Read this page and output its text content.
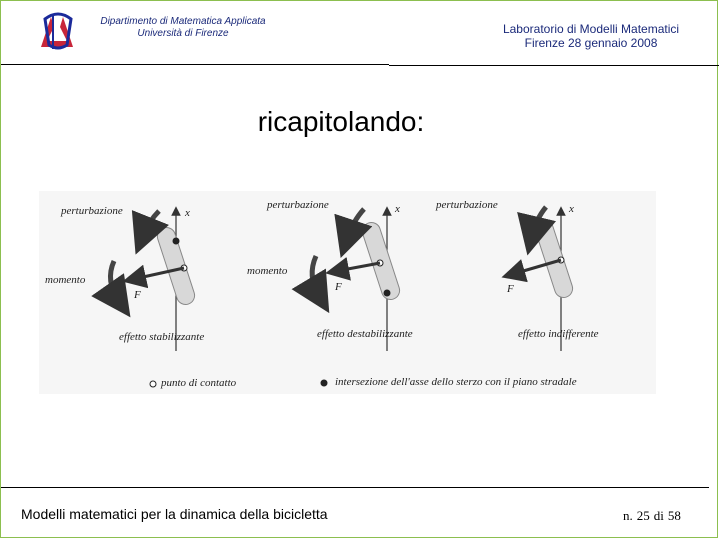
Dipartimento di Matematica Applicata
Università di Firenze	Laboratorio di Modelli Matematici
Firenze 28 gennaio 2008
ricapitolando:
perturbazione	perturbazione	perturbazione
x	x	x
momento
momento
F
F	F
effetto stabilizzante	effetto destabilizzante	effetto indifferente
punto di contatto	intersezione dell'asse dello sterzo con il piano stradale
Modelli matematici per la dinamica della bicicletta	n. 25 di 58
